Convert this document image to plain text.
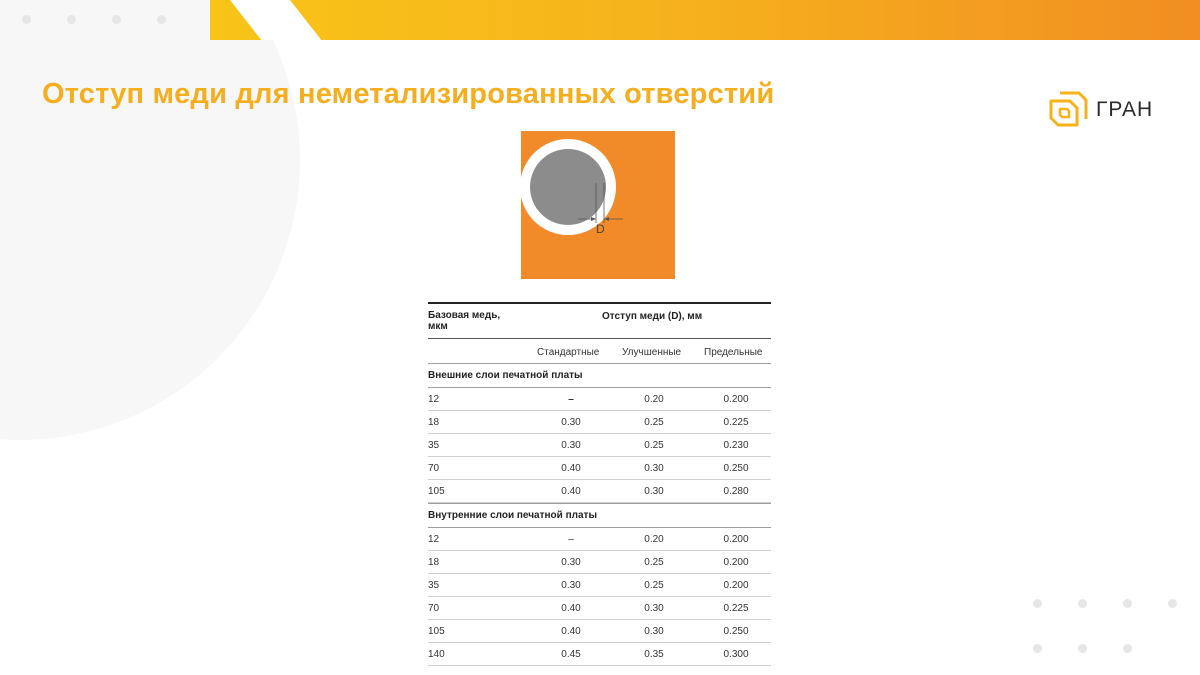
Отступ меди для неметализированных отверстий	ГРАН
D
Базовая медь,
мкм
Отступ меди (D), мм
Стандартные Улучшенные Предельные
Внешние слои печатной платы
12	–	0.20	0.200
18	0.30	0.25	0.225
35	0.30	0.25	0.230
70	0.40	0.30	0.250
105	0.40	0.30	0.280
Внутренние слои печатной платы
12	–	0.20	0.200
18	0.30	0.25	0.200
35	0.30	0.25	0.200
70	0.40	0.30	0.225
105	0.40	0.30	0.250
140	0.45	0.35	0.300
